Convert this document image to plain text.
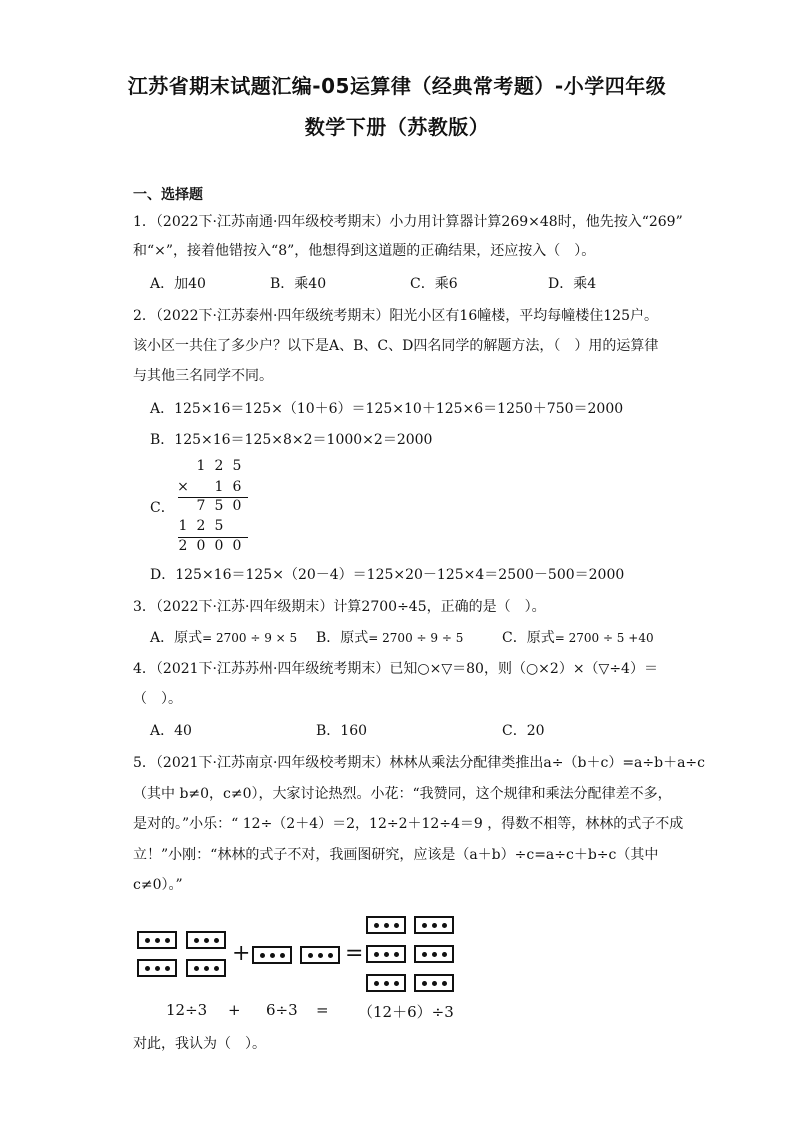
江苏省期末试题汇编-05运算律（经典常考题）-小学四年级
数学下册（苏教版）
一、选择题
1．（2022下·江苏南通·四年级校考期末）小力用计算器计算269×48时，他先按入“269”
和“×”，接着他错按入“8”，他想得到这道题的正确结果，还应按入（　）。
A．加40	B．乘40	C．乘6	D．乘4
2．（2022下·江苏泰州·四年级统考期末）阳光小区有16幢楼，平均每幢楼住125户。
该小区一共住了多少户？以下是A、B、C、D四名同学的解题方法，（　）用的运算律
与其他三名同学不同。
A．125×16＝125×（10＋6）＝125×10＋125×6＝1250＋750＝2000
B．125×16＝125×8×2＝1000×2＝2000
C．
1 2 5
× 1 6
7 5 0
1 2 5
2 0 0 0
D．125×16＝125×（20－4）＝125×20－125×4＝2500－500＝2000
3．（2022下·江苏·四年级期末）计算2700÷45，正确的是（　）。
A．原式= 2700 ÷ 9 × 5 B．原式= 2700 ÷ 9 ÷ 5	C．原式= 2700 ÷ 5 +40
4．（2021下·江苏苏州·四年级统考期末）已知○×▽＝80，则（○×2）×（▽÷4）＝
（　）。
A．40	B．160	C．20
5．（2021下·江苏南京·四年级校考期末）林林从乘法分配律类推出a÷（b＋c）=a÷b＋a÷c
（其中 b≠0，c≠0），大家讨论热烈。小花：“我赞同，这个规律和乘法分配律差不多，
是对的。”小乐：“ 12÷（2＋4）＝2，12÷2＋12÷4＝9 ，得数不相等，林林的式子不成
立！”小刚：“林林的式子不对，我画图研究，应该是（a＋b）÷c=a÷c＋b÷c（其中
c≠0）。”
+	=
12÷3 + 6÷3 = （12＋6）÷3
对此，我认为（　）。
